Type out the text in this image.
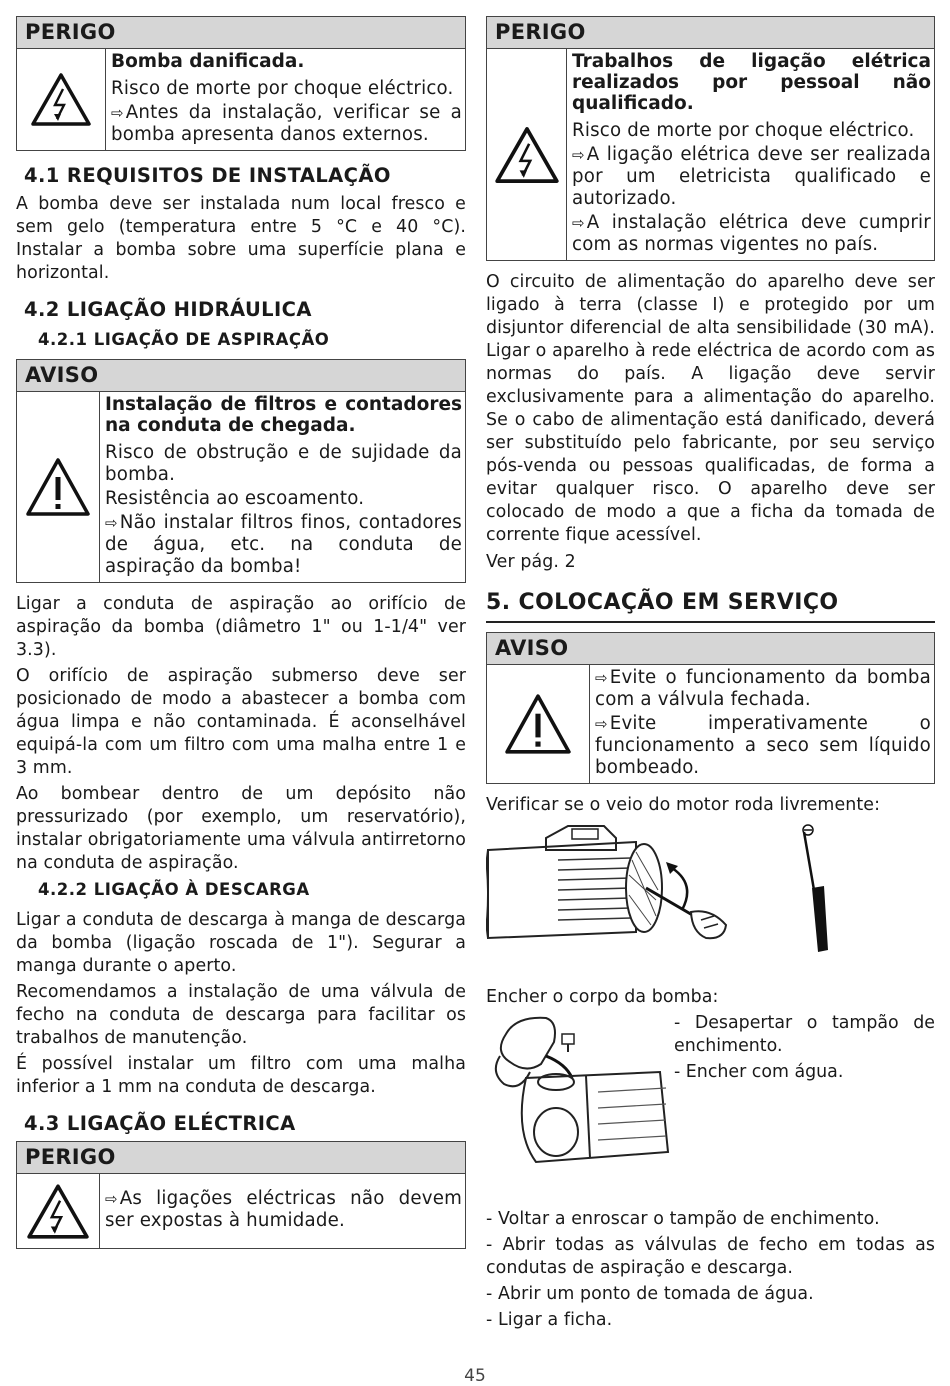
PERIGO
Bomba danificada.
Risco de morte por choque eléctrico.
⇨ Antes da instalação, verificar se a bomba apresenta danos externos.
4.1 REQUISITOS DE INSTALAÇÃO

A bomba deve ser instalada num local fresco e sem gelo (temperatura entre 5 °C e 40 °C). Instalar a bomba sobre uma superfície plana e horizontal.

4.2 LIGAÇÃO HIDRÁULICA
4.2.1 LIGAÇÃO DE ASPIRAÇÃO
AVISO
Instalação de filtros e contadores na conduta de chegada.
Risco de obstrução e de sujidade da bomba.
Resistência ao escoamento.
⇨ Não instalar filtros finos, contadores de água, etc. na conduta de aspiração da bomba!

Ligar a conduta de aspiração ao orifício de aspiração da bomba (diâmetro 1" ou 1-1/4" ver 3.3).

O orifício de aspiração submerso deve ser posicionado de modo a abastecer a bomba com água limpa e não contaminada. É aconselhável equipá-la com um filtro com uma malha entre 1 e 3 mm.

Ao bombear dentro de um depósito não pressurizado (por exemplo, um reservatório), instalar obrigatoriamente uma válvula antirretorno na conduta de aspiração.

4.2.2 LIGAÇÃO À DESCARGA

Ligar a conduta de descarga à manga de descarga da bomba (ligação roscada de 1"). Segurar a manga durante o aperto.

Recomendamos a instalação de uma válvula de fecho na conduta de descarga para facilitar os trabalhos de manutenção.

É possível instalar um filtro com uma malha inferior a 1 mm na conduta de descarga.

4.3 LIGAÇÃO ELÉCTRICA
PERIGO
⇨ As ligações eléctricas não devem ser expostas à humidade.
PERIGO
Trabalhos de ligação elétrica realizados por pessoal não qualificado.
Risco de morte por choque eléctrico.
⇨ A ligação elétrica deve ser realizada por um eletricista qualificado e autorizado.
⇨ A instalação elétrica deve cumprir com as normas vigentes no país.

O circuito de alimentação do aparelho deve ser ligado à terra (classe I) e protegido por um disjuntor diferencial de alta sensibilidade (30 mA). Ligar o aparelho à rede eléctrica de acordo com as normas do país. A ligação deve servir exclusivamente para a alimentação do aparelho. Se o cabo de alimentação está danificado, deverá ser substituído pelo fabricante, por seu serviço pós-venda ou pessoas qualificadas, de forma a evitar qualquer risco. O aparelho deve ser colocado de modo a que a ficha da tomada de corrente fique acessível.

Ver pág. 2

5. COLOCAÇÃO EM SERVIÇO
AVISO
⇨ Evite o funcionamento da bomba com a válvula fechada.
⇨ Evite imperativamente o funcionamento a seco sem líquido bombeado.

Verificar se o veio do motor roda livremente:

Encher o corpo da bomba:

- Desapertar o tampão de enchimento.

- Encher com água.

- Voltar a enroscar o tampão de enchimento.

- Abrir todas as válvulas de fecho em todas as condutas de aspiração e descarga.

- Abrir um ponto de tomada de água.

- Ligar a ficha.

45
